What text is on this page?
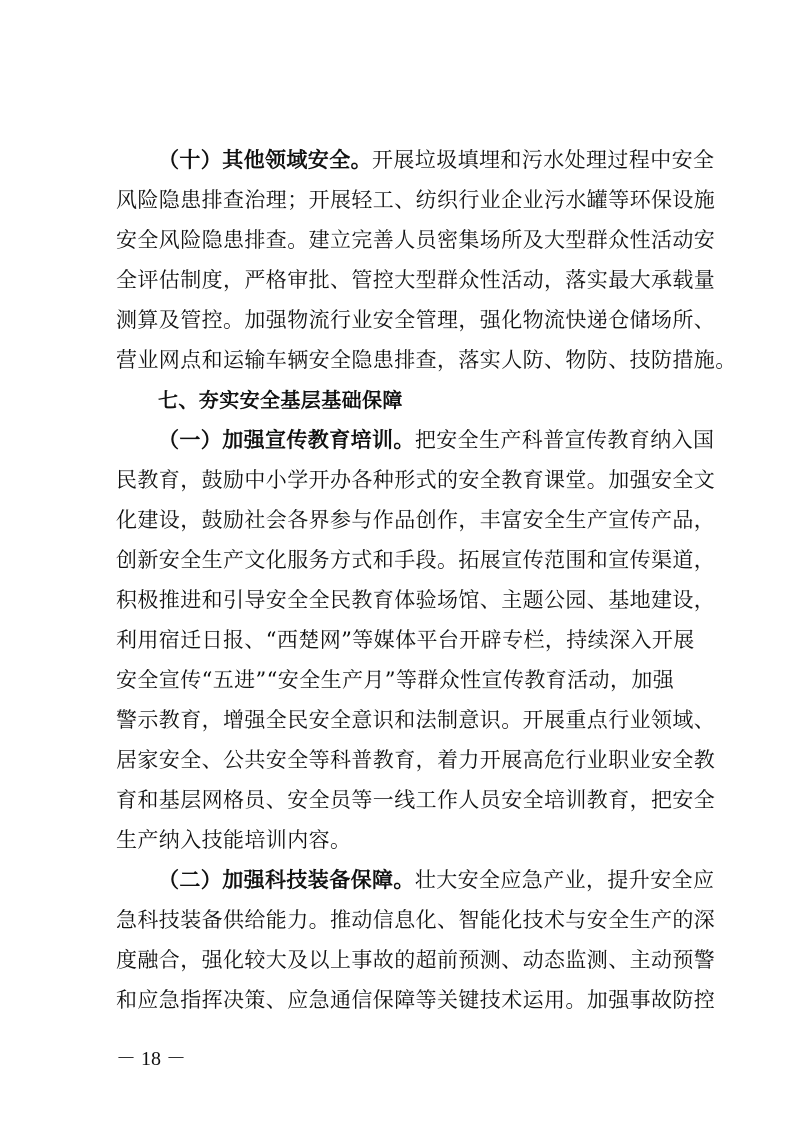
（十）其他领域安全。开展垃圾填埋和污水处理过程中安全
风险隐患排查治理；开展轻工、纺织行业企业污水罐等环保设施
安全风险隐患排查。建立完善人员密集场所及大型群众性活动安
全评估制度，严格审批、管控大型群众性活动，落实最大承载量
测算及管控。加强物流行业安全管理，强化物流快递仓储场所、
营业网点和运输车辆安全隐患排查，落实人防、物防、技防措施。
七、夯实安全基层基础保障
（一）加强宣传教育培训。把安全生产科普宣传教育纳入国
民教育，鼓励中小学开办各种形式的安全教育课堂。加强安全文
化建设，鼓励社会各界参与作品创作，丰富安全生产宣传产品，
创新安全生产文化服务方式和手段。拓展宣传范围和宣传渠道，
积极推进和引导安全全民教育体验场馆、主题公园、基地建设，
利用宿迁日报、“西楚网”等媒体平台开辟专栏，持续深入开展
安全宣传“五进”“安全生产月”等群众性宣传教育活动，加强
警示教育，增强全民安全意识和法制意识。开展重点行业领域、
居家安全、公共安全等科普教育，着力开展高危行业职业安全教
育和基层网格员、安全员等一线工作人员安全培训教育，把安全
生产纳入技能培训内容。
（二）加强科技装备保障。壮大安全应急产业，提升安全应
急科技装备供给能力。推动信息化、智能化技术与安全生产的深
度融合，强化较大及以上事故的超前预测、动态监测、主动预警
和应急指挥决策、应急通信保障等关键技术运用。加强事故防控
－ 18 －
